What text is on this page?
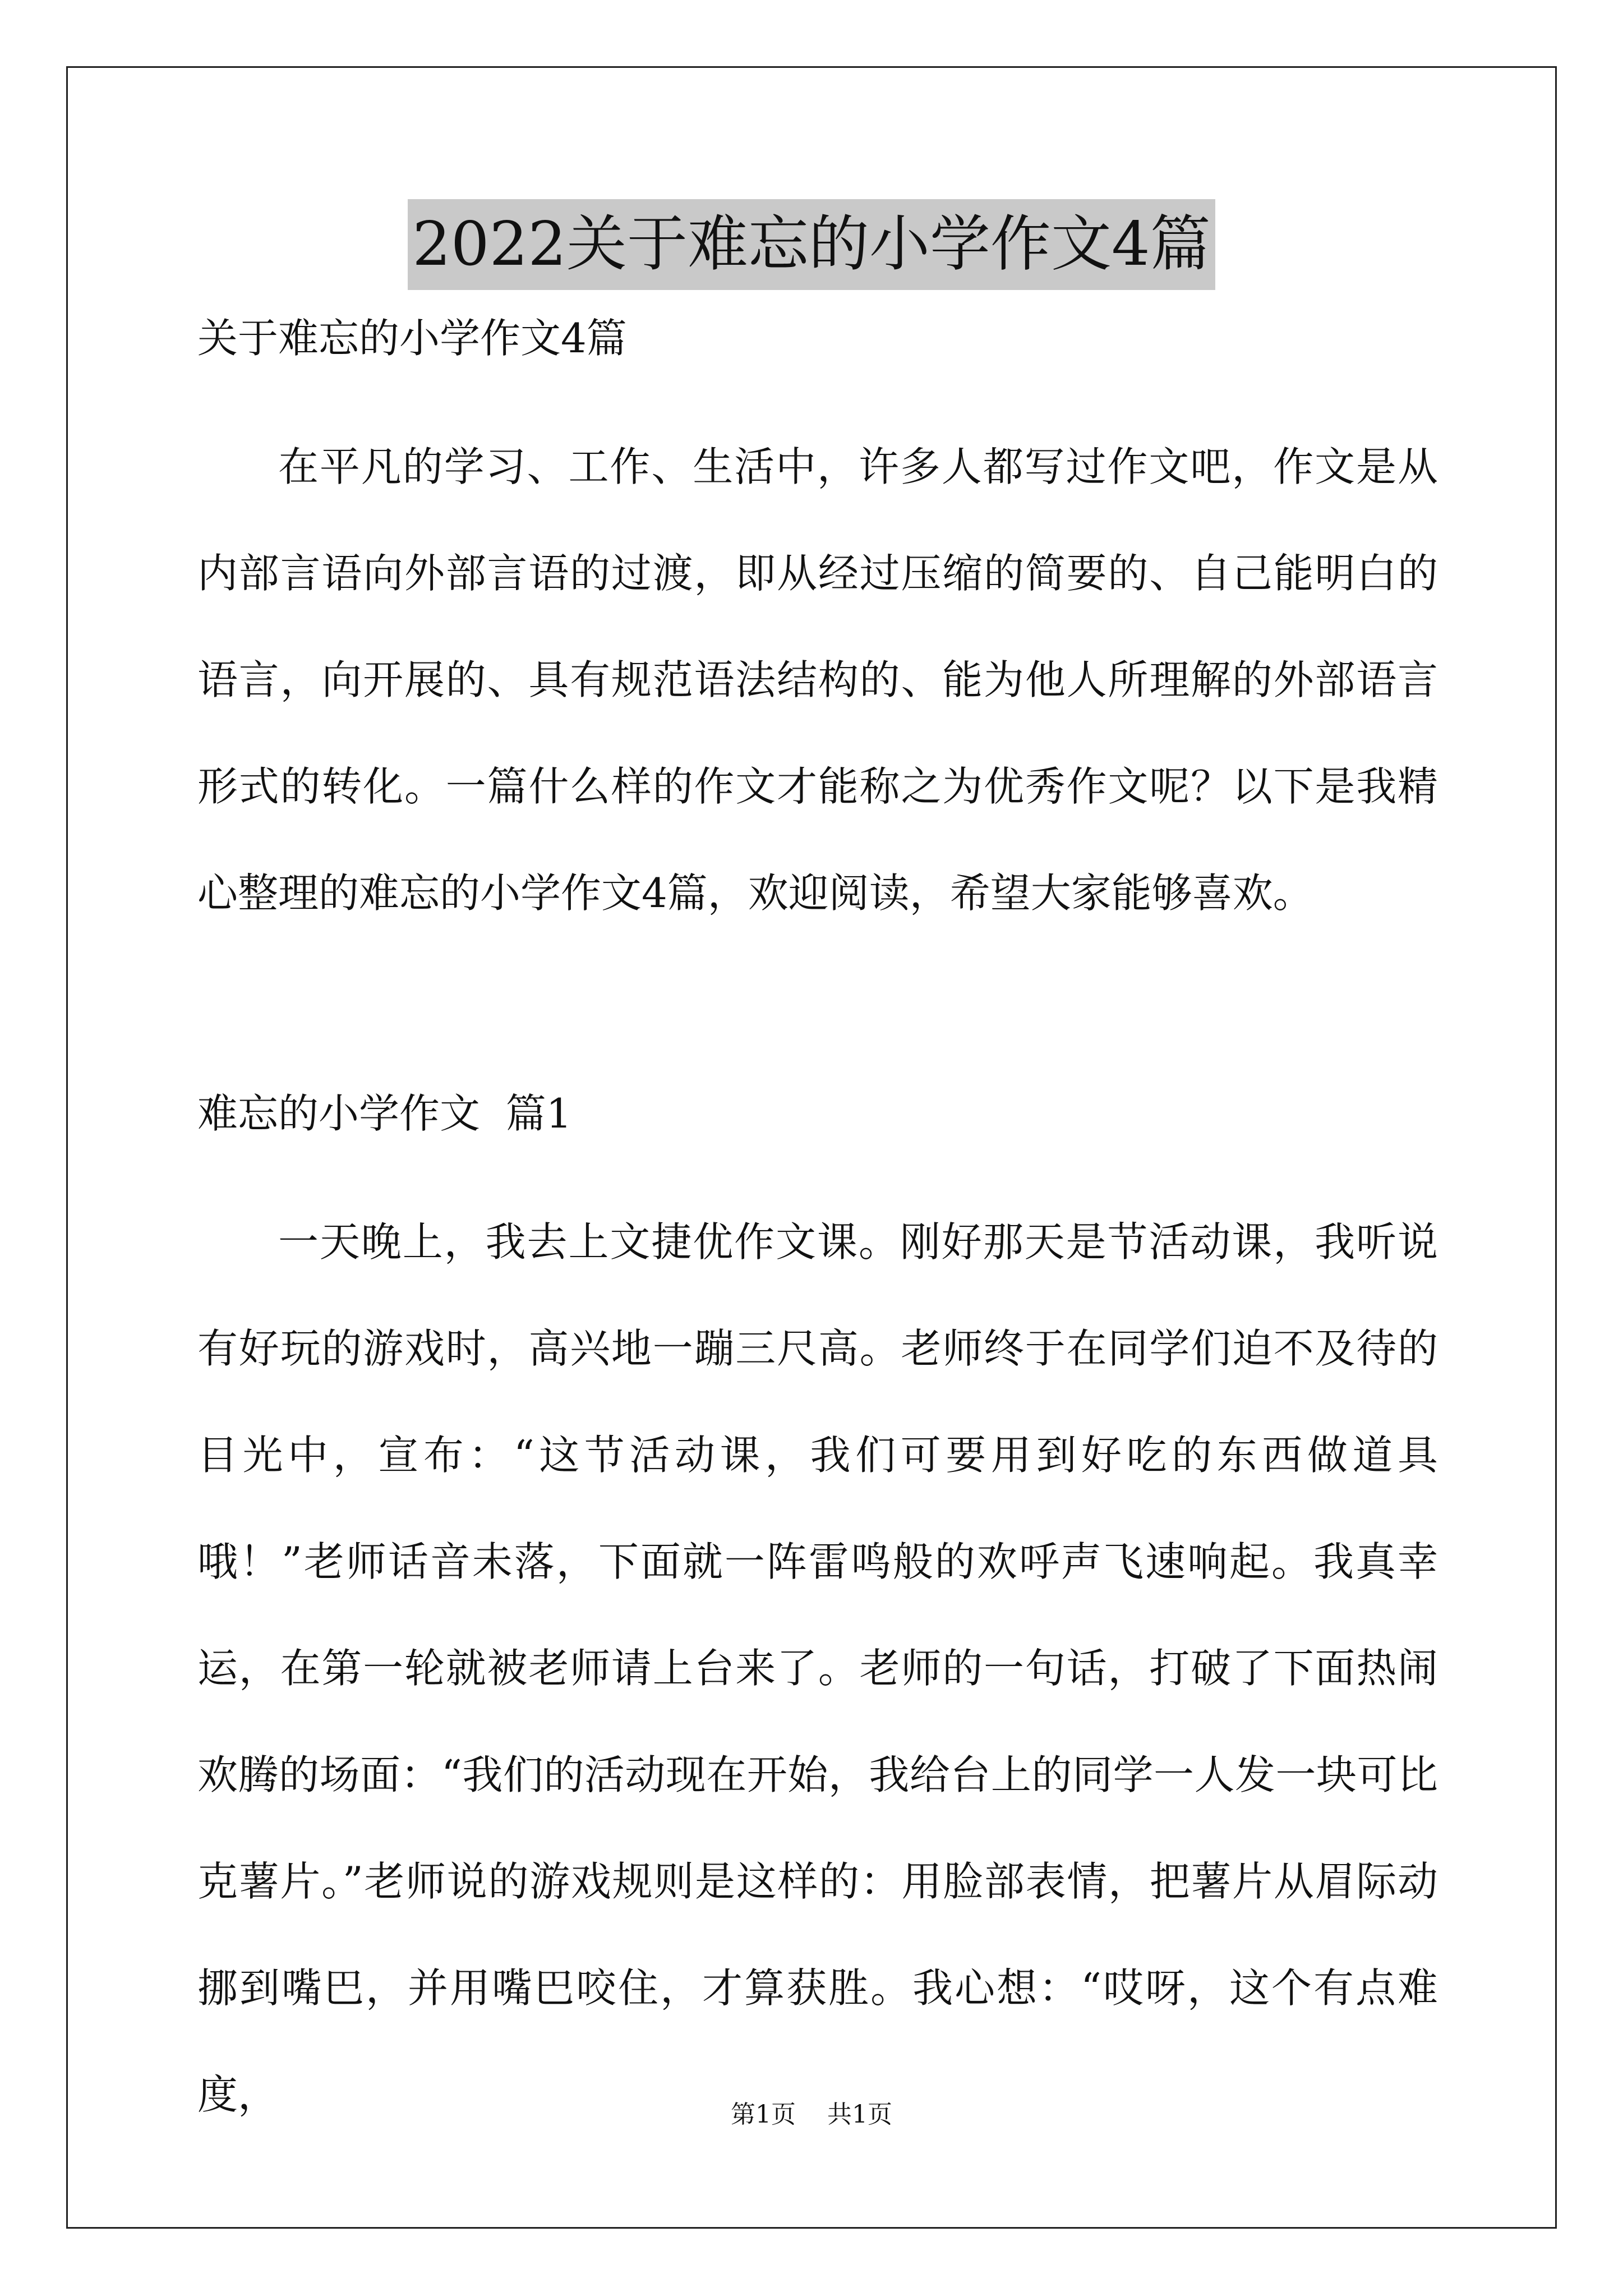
2022关于难忘的小学作文4篇

关于难忘的小学作文4篇

在平凡的学习、工作、生活中，许多人都写过作文吧，作文是从内部言语向外部言语的过渡，即从经过压缩的简要的、自己能明白的语言，向开展的、具有规范语法结构的、能为他人所理解的外部语言形式的转化。一篇什么样的作文才能称之为优秀作文呢？以下是我精心整理的难忘的小学作文4篇，欢迎阅读，希望大家能够喜欢。

难忘的小学作文  篇1

一天晚上，我去上文捷优作文课。刚好那天是节活动课，我听说有好玩的游戏时，高兴地一蹦三尺高。老师终于在同学们迫不及待的目光中，宣布：“这节活动课，我们可要用到好吃的东西做道具哦！”老师话音未落，下面就一阵雷鸣般的欢呼声飞速响起。我真幸运，在第一轮就被老师请上台来了。老师的一句话，打破了下面热闹欢腾的场面：“我们的活动现在开始，我给台上的同学一人发一块可比克薯片。”老师说的游戏规则是这样的：用脸部表情，把薯片从眉际动挪到嘴巴，并用嘴巴咬住，才算获胜。我心想：“哎呀，这个有点难度，	第1页    共1页
